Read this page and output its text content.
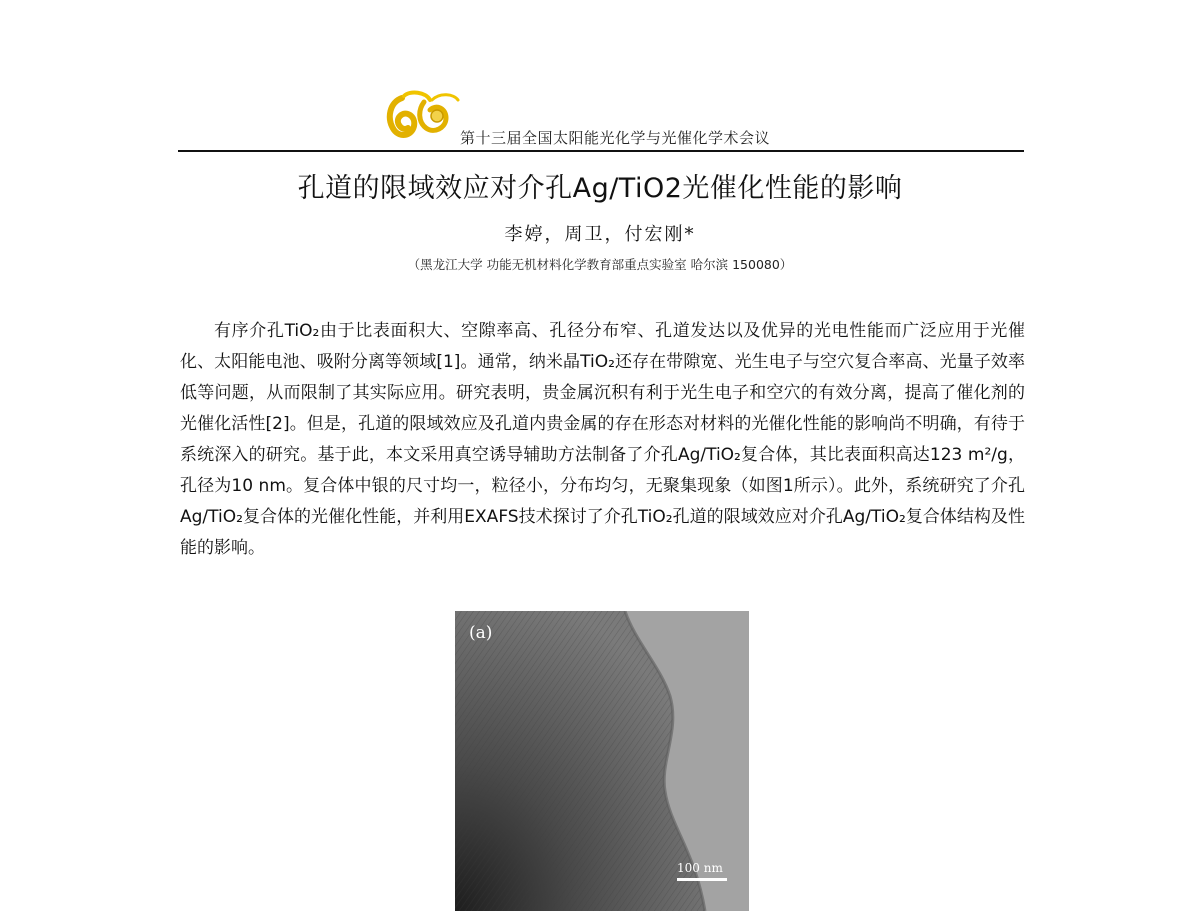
第十三届全国太阳能光化学与光催化学术会议
孔道的限域效应对介孔Ag/TiO2光催化性能的影响
李婷，周卫，付宏刚*
（黑龙江大学 功能无机材料化学教育部重点实验室 哈尔滨 150080）

有序介孔TiO₂由于比表面积大、空隙率高、孔径分布窄、孔道发达以及优异的光电性能而广泛应用于光催化、太阳能电池、吸附分离等领域[1]。通常，纳米晶TiO₂还存在带隙宽、光生电子与空穴复合率高、光量子效率低等问题，从而限制了其实际应用。研究表明，贵金属沉积有利于光生电子和空穴的有效分离，提高了催化剂的光催化活性[2]。但是，孔道的限域效应及孔道内贵金属的存在形态对材料的光催化性能的影响尚不明确，有待于系统深入的研究。基于此，本文采用真空诱导辅助方法制备了介孔Ag/TiO₂复合体，其比表面积高达123 m²/g，孔径为10 nm。复合体中银的尺寸均一，粒径小，分布均匀，无聚集现象（如图1所示）。此外，系统研究了介孔Ag/TiO₂复合体的光催化性能，并利用EXAFS技术探讨了介孔TiO₂孔道的限域效应对介孔Ag/TiO₂复合体结构及性能的影响。

(a)
100 nm
